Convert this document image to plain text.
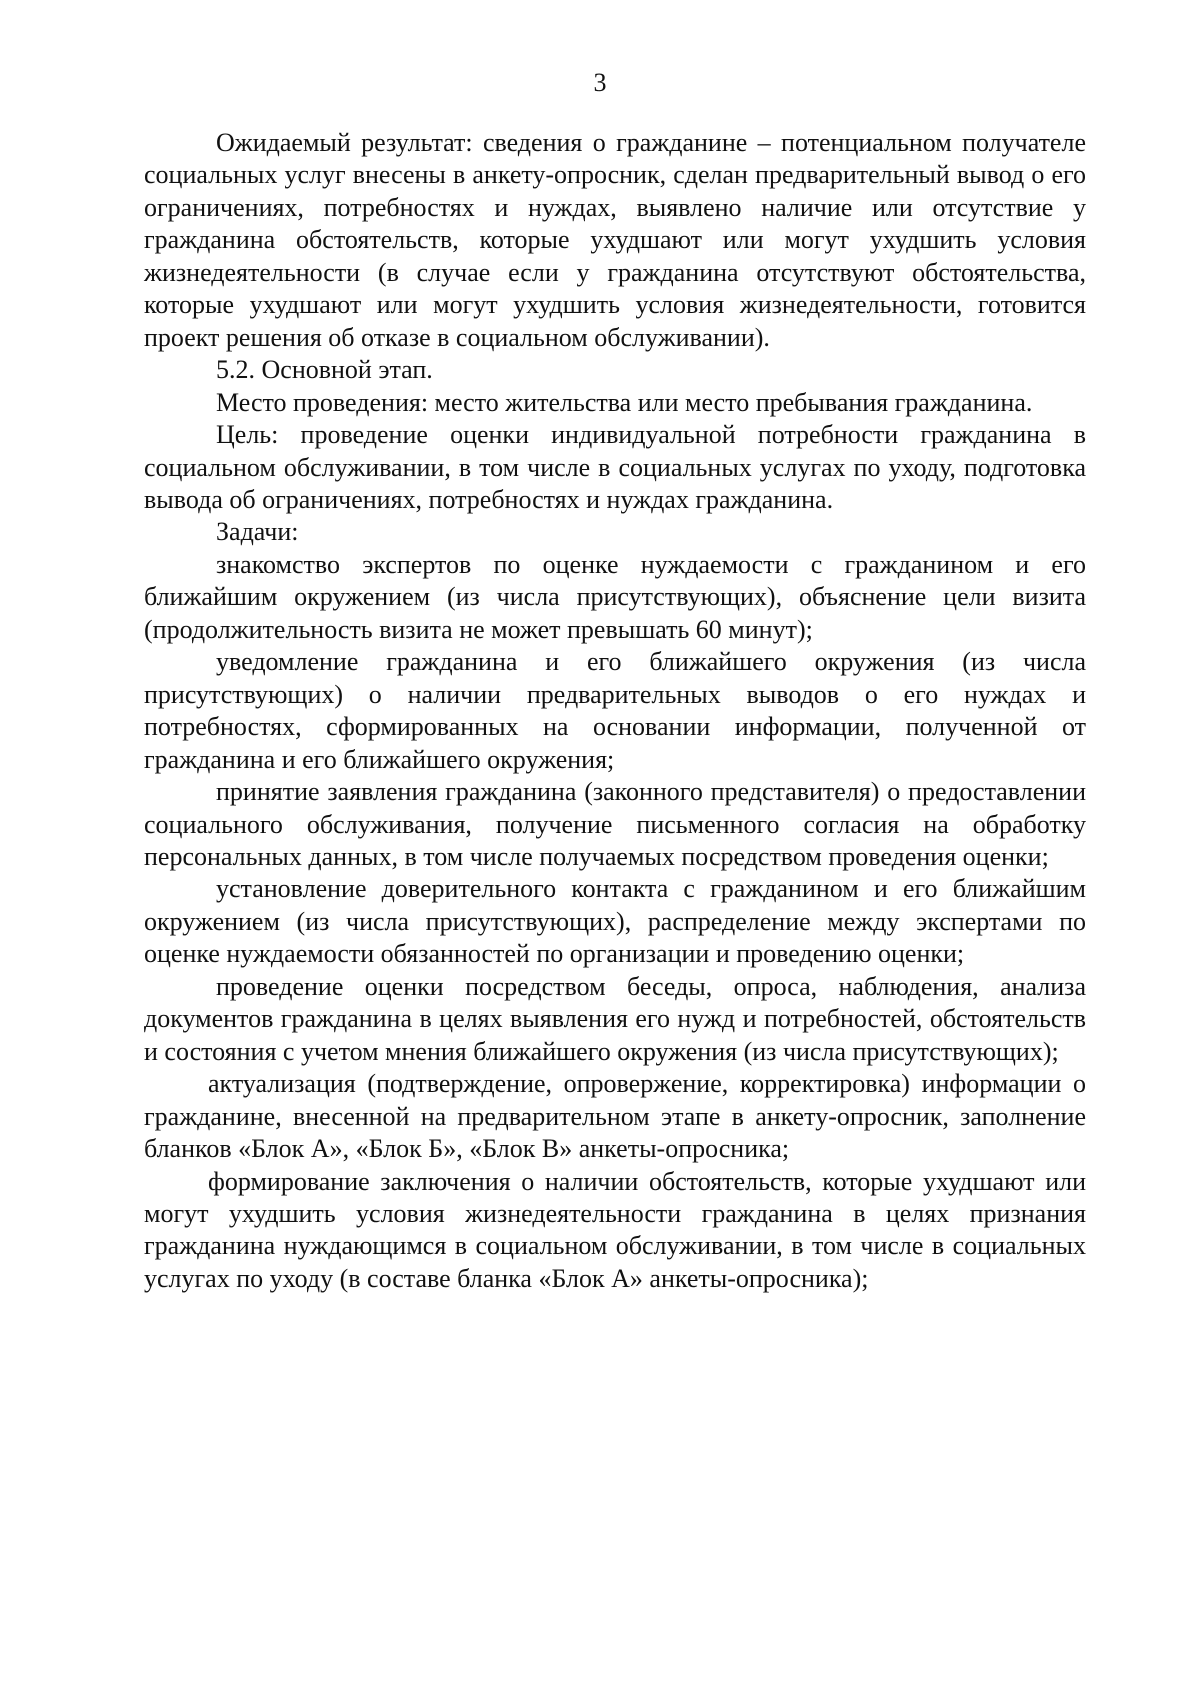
3

Ожидаемый результат: сведения о гражданине – потенциальном получателе социальных услуг внесены в анкету-опросник, сделан предварительный вывод о его ограничениях, потребностях и нуждах, выявлено наличие или отсутствие у гражданина обстоятельств, которые ухудшают или могут ухудшить условия жизнедеятельности (в случае если у гражданина отсутствуют обстоятельства, которые ухудшают или могут ухудшить условия жизнедеятельности, готовится проект решения об отказе в социальном обслуживании).

5.2. Основной этап.

Место проведения: место жительства или место пребывания гражданина.

Цель: проведение оценки индивидуальной потребности гражданина в социальном обслуживании, в том числе в социальных услугах по уходу, подготовка вывода об ограничениях, потребностях и нуждах гражданина.

Задачи:

знакомство экспертов по оценке нуждаемости с гражданином и его ближайшим окружением (из числа присутствующих), объяснение цели визита (продолжительность визита не может превышать 60 минут);

уведомление гражданина и его ближайшего окружения (из числа присутствующих) о наличии предварительных выводов о его нуждах и потребностях, сформированных на основании информации, полученной от гражданина и его ближайшего окружения;

принятие заявления гражданина (законного представителя) о предоставлении социального обслуживания, получение письменного согласия на обработку персональных данных, в том числе получаемых посредством проведения оценки;

установление доверительного контакта с гражданином и его ближайшим окружением (из числа присутствующих), распределение между экспертами по оценке нуждаемости обязанностей по организации и проведению оценки;

проведение оценки посредством беседы, опроса, наблюдения, анализа документов гражданина в целях выявления его нужд и потребностей, обстоятельств и состояния с учетом мнения ближайшего окружения (из числа присутствующих);

актуализация (подтверждение, опровержение, корректировка) информации о гражданине, внесенной на предварительном этапе в анкету-опросник, заполнение бланков «Блок А», «Блок Б», «Блок В» анкеты-опросника;

формирование заключения о наличии обстоятельств, которые ухудшают или могут ухудшить условия жизнедеятельности гражданина в целях признания гражданина нуждающимся в социальном обслуживании, в том числе в социальных услугах по уходу (в составе бланка «Блок А» анкеты-опросника);
